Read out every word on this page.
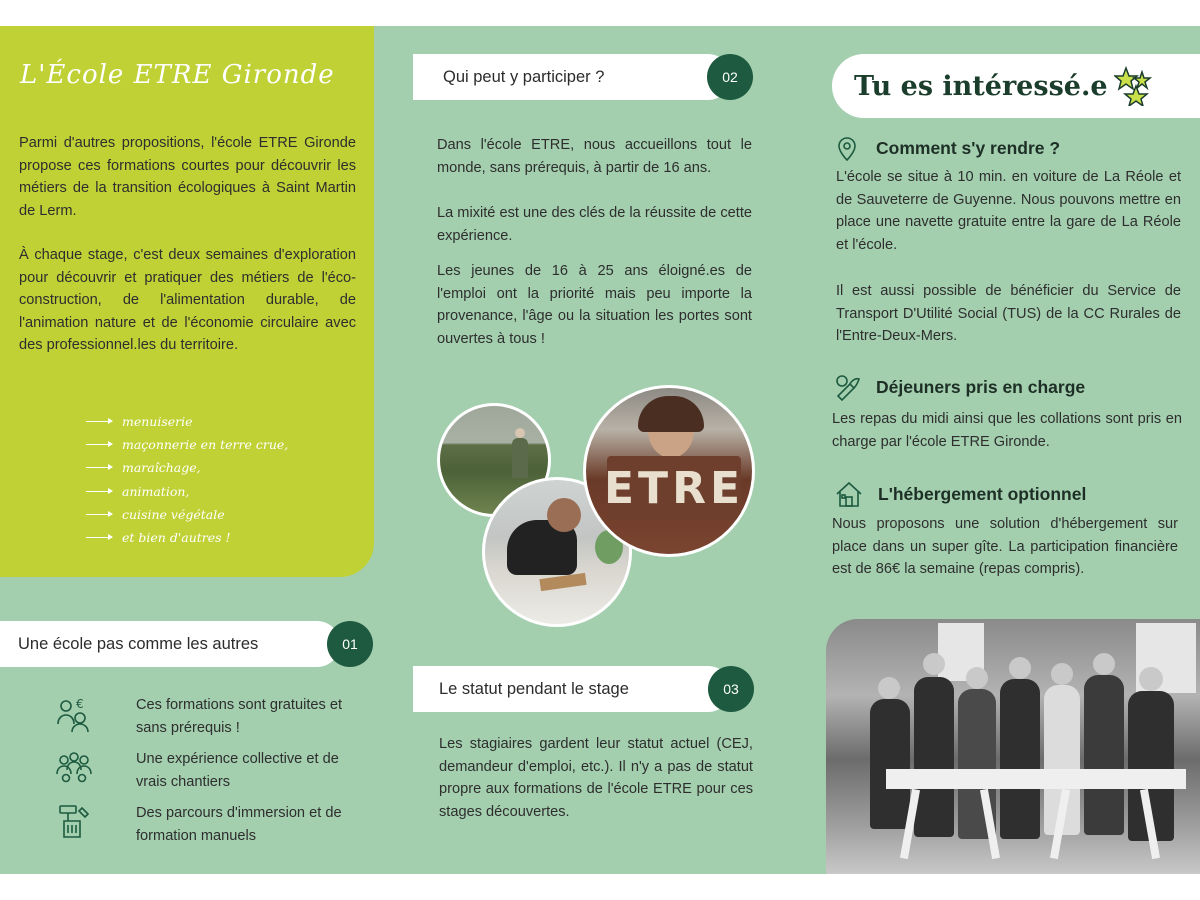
L'École ETRE Gironde

Parmi d'autres propositions, l'école ETRE Gironde propose ces formations courtes pour découvrir les métiers de la transition écologiques à Saint Martin de Lerm.

À chaque stage, c'est deux semaines d'exploration pour découvrir et pratiquer des métiers de l'éco-construction, de l'alimentation durable, de l'animation nature et de l'économie circulaire avec des professionnel.les du territoire.

menuiserie
maçonnerie en terre crue,
maraîchage,
animation,
cuisine végétale
et bien d'autres !
Une école pas comme les autres	01
€	Ces formations sont gratuites et sans prérequis !
Une expérience collective et de vrais chantiers
Des parcours d'immersion et de formation manuels
Qui peut y participer ?	02

Dans l'école ETRE, nous accueillons tout le monde, sans prérequis, à partir de 16 ans.

La mixité est une des clés de la réussite de cette expérience.

Les jeunes de 16 à 25 ans éloigné.es de l'emploi ont la priorité mais peu importe la provenance, l'âge ou la situation les portes sont ouvertes à tous !

ETRE
Le statut pendant le stage	03

Les stagiaires gardent leur statut actuel (CEJ, demandeur d'emploi, etc.). Il n'y a pas de statut propre aux formations de l'école ETRE pour ces stages découvertes.

Tu es intéressé.e
Comment s'y rendre ?

L'école se situe à 10 min. en voiture de La Réole et de Sauveterre de Guyenne. Nous pouvons mettre en place une navette gratuite entre la gare de La Réole et l'école.

Il est aussi possible de bénéficier du Service de Transport D'Utilité Social (TUS) de la CC Rurales de l'Entre-Deux-Mers.

Déjeuners pris en charge

Les repas du midi ainsi que les collations sont pris en charge par l'école ETRE Gironde.

L'hébergement optionnel

Nous proposons une solution d'hébergement sur place dans un super gîte. La participation financière est de 86€ la semaine (repas compris).
